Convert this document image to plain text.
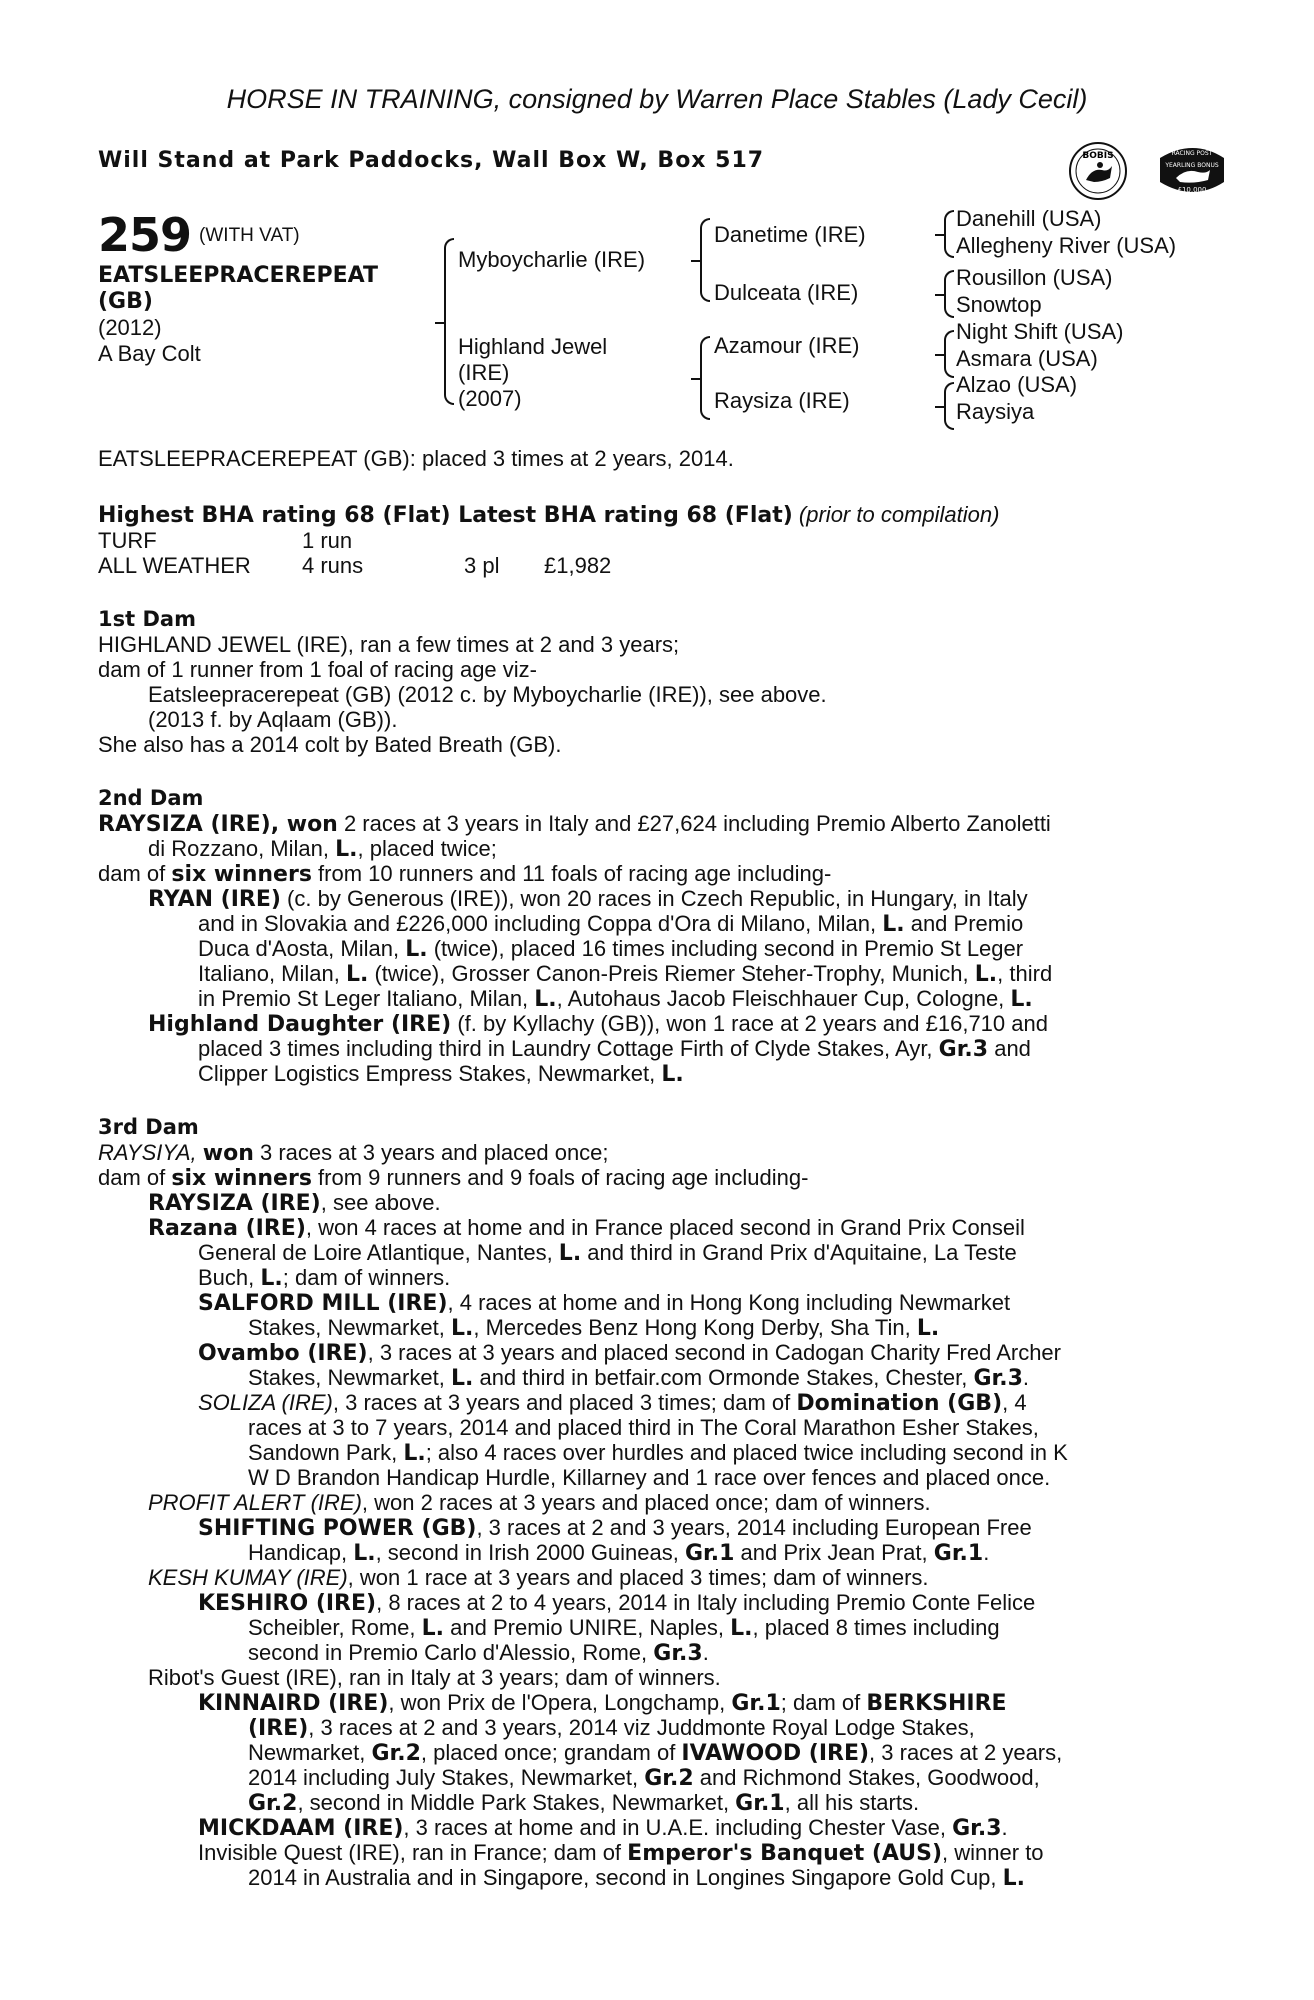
HORSE IN TRAINING, consigned by Warren Place Stables (Lady Cecil)
Will Stand at Park Paddocks, Wall Box W, Box 517	BOBIS	RACING POST
YEARLING BONUS
£10,000
259 (WITH VAT)
EATSLEEPRACEREPEAT
(GB)
(2012)
A Bay Colt
Myboycharlie (IRE)
Highland Jewel
(IRE)
(2007)
Danetime (IRE)
Dulceata (IRE)
Azamour (IRE)
Raysiza (IRE)
Danehill (USA)
Allegheny River (USA)
Rousillon (USA)
Snowtop
Night Shift (USA)
Asmara (USA)
Alzao (USA)
Raysiya
EATSLEEPRACEREPEAT (GB): placed 3 times at 2 years, 2014.
Highest BHA rating 68 (Flat) Latest BHA rating 68 (Flat) (prior to compilation)
TURF	1 run
ALL WEATHER 4 runs	3 pl £1,982
1st Dam
HIGHLAND JEWEL (IRE), ran a few times at 2 and 3 years;
dam of 1 runner from 1 foal of racing age viz-
Eatsleepracerepeat (GB) (2012 c. by Myboycharlie (IRE)), see above.
(2013 f. by Aqlaam (GB)).
She also has a 2014 colt by Bated Breath (GB).
2nd Dam
RAYSIZA (IRE), won 2 races at 3 years in Italy and £27,624 including Premio Alberto Zanoletti
di Rozzano, Milan, L., placed twice;
dam of six winners from 10 runners and 11 foals of racing age including-
RYAN (IRE) (c. by Generous (IRE)), won 20 races in Czech Republic, in Hungary, in Italy
and in Slovakia and £226,000 including Coppa d'Ora di Milano, Milan, L. and Premio
Duca d'Aosta, Milan, L. (twice), placed 16 times including second in Premio St Leger
Italiano, Milan, L. (twice), Grosser Canon-Preis Riemer Steher-Trophy, Munich, L., third
in Premio St Leger Italiano, Milan, L., Autohaus Jacob Fleischhauer Cup, Cologne, L.
Highland Daughter (IRE) (f. by Kyllachy (GB)), won 1 race at 2 years and £16,710 and
placed 3 times including third in Laundry Cottage Firth of Clyde Stakes, Ayr, Gr.3 and
Clipper Logistics Empress Stakes, Newmarket, L.
3rd Dam
RAYSIYA, won 3 races at 3 years and placed once;
dam of six winners from 9 runners and 9 foals of racing age including-
RAYSIZA (IRE), see above.
Razana (IRE), won 4 races at home and in France placed second in Grand Prix Conseil
General de Loire Atlantique, Nantes, L. and third in Grand Prix d'Aquitaine, La Teste
Buch, L.; dam of winners.
SALFORD MILL (IRE), 4 races at home and in Hong Kong including Newmarket
Stakes, Newmarket, L., Mercedes Benz Hong Kong Derby, Sha Tin, L.
Ovambo (IRE), 3 races at 3 years and placed second in Cadogan Charity Fred Archer
Stakes, Newmarket, L. and third in betfair.com Ormonde Stakes, Chester, Gr.3.
SOLIZA (IRE), 3 races at 3 years and placed 3 times; dam of Domination (GB), 4
races at 3 to 7 years, 2014 and placed third in The Coral Marathon Esher Stakes,
Sandown Park, L.; also 4 races over hurdles and placed twice including second in K
W D Brandon Handicap Hurdle, Killarney and 1 race over fences and placed once.
PROFIT ALERT (IRE), won 2 races at 3 years and placed once; dam of winners.
SHIFTING POWER (GB), 3 races at 2 and 3 years, 2014 including European Free
Handicap, L., second in Irish 2000 Guineas, Gr.1 and Prix Jean Prat, Gr.1.
KESH KUMAY (IRE), won 1 race at 3 years and placed 3 times; dam of winners.
KESHIRO (IRE), 8 races at 2 to 4 years, 2014 in Italy including Premio Conte Felice
Scheibler, Rome, L. and Premio UNIRE, Naples, L., placed 8 times including
second in Premio Carlo d'Alessio, Rome, Gr.3.
Ribot's Guest (IRE), ran in Italy at 3 years; dam of winners.
KINNAIRD (IRE), won Prix de l'Opera, Longchamp, Gr.1; dam of BERKSHIRE
(IRE), 3 races at 2 and 3 years, 2014 viz Juddmonte Royal Lodge Stakes,
Newmarket, Gr.2, placed once; grandam of IVAWOOD (IRE), 3 races at 2 years,
2014 including July Stakes, Newmarket, Gr.2 and Richmond Stakes, Goodwood,
Gr.2, second in Middle Park Stakes, Newmarket, Gr.1, all his starts.
MICKDAAM (IRE), 3 races at home and in U.A.E. including Chester Vase, Gr.3.
Invisible Quest (IRE), ran in France; dam of Emperor's Banquet (AUS), winner to
2014 in Australia and in Singapore, second in Longines Singapore Gold Cup, L.
